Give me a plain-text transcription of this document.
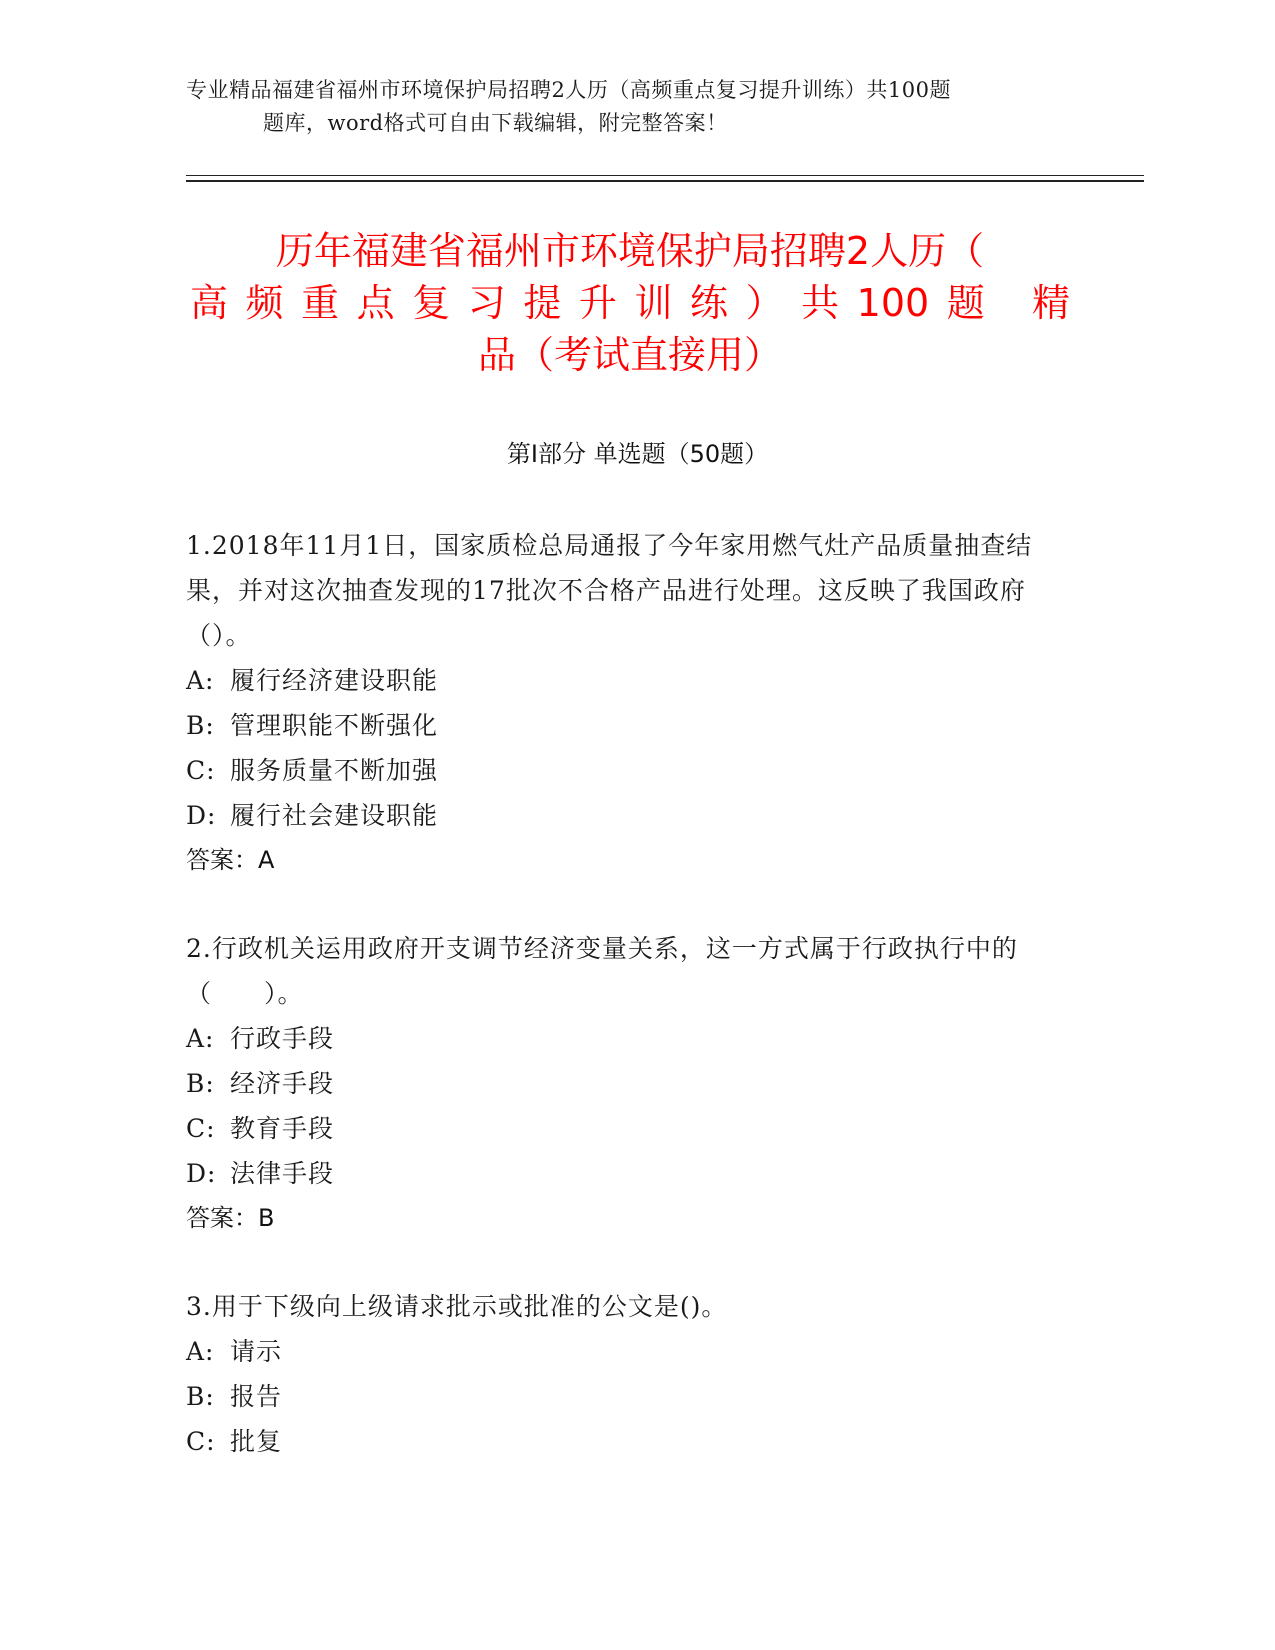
专业精品福建省福州市环境保护局招聘2人历（高频重点复习提升训练）共100题
题库，word格式可自由下载编辑，附完整答案！
历年福建省福州市环境保护局招聘2人历（
高频重点复习提升训练）共100题 精
品（考试直接用）
第Ⅰ部分 单选题（50题）
1.2018年11月1日，国家质检总局通报了今年家用燃气灶产品质量抽查结果，并对这次抽查发现的17批次不合格产品进行处理。这反映了我国政府（）。
A: 履行经济建设职能
B: 管理职能不断强化
C: 服务质量不断加强
D: 履行社会建设职能
答案：A
2.行政机关运用政府开支调节经济变量关系，这一方式属于行政执行中的（　　）。
A: 行政手段
B: 经济手段
C: 教育手段
D: 法律手段
答案：B
3.用于下级向上级请求批示或批准的公文是()。
A: 请示
B: 报告
C: 批复
